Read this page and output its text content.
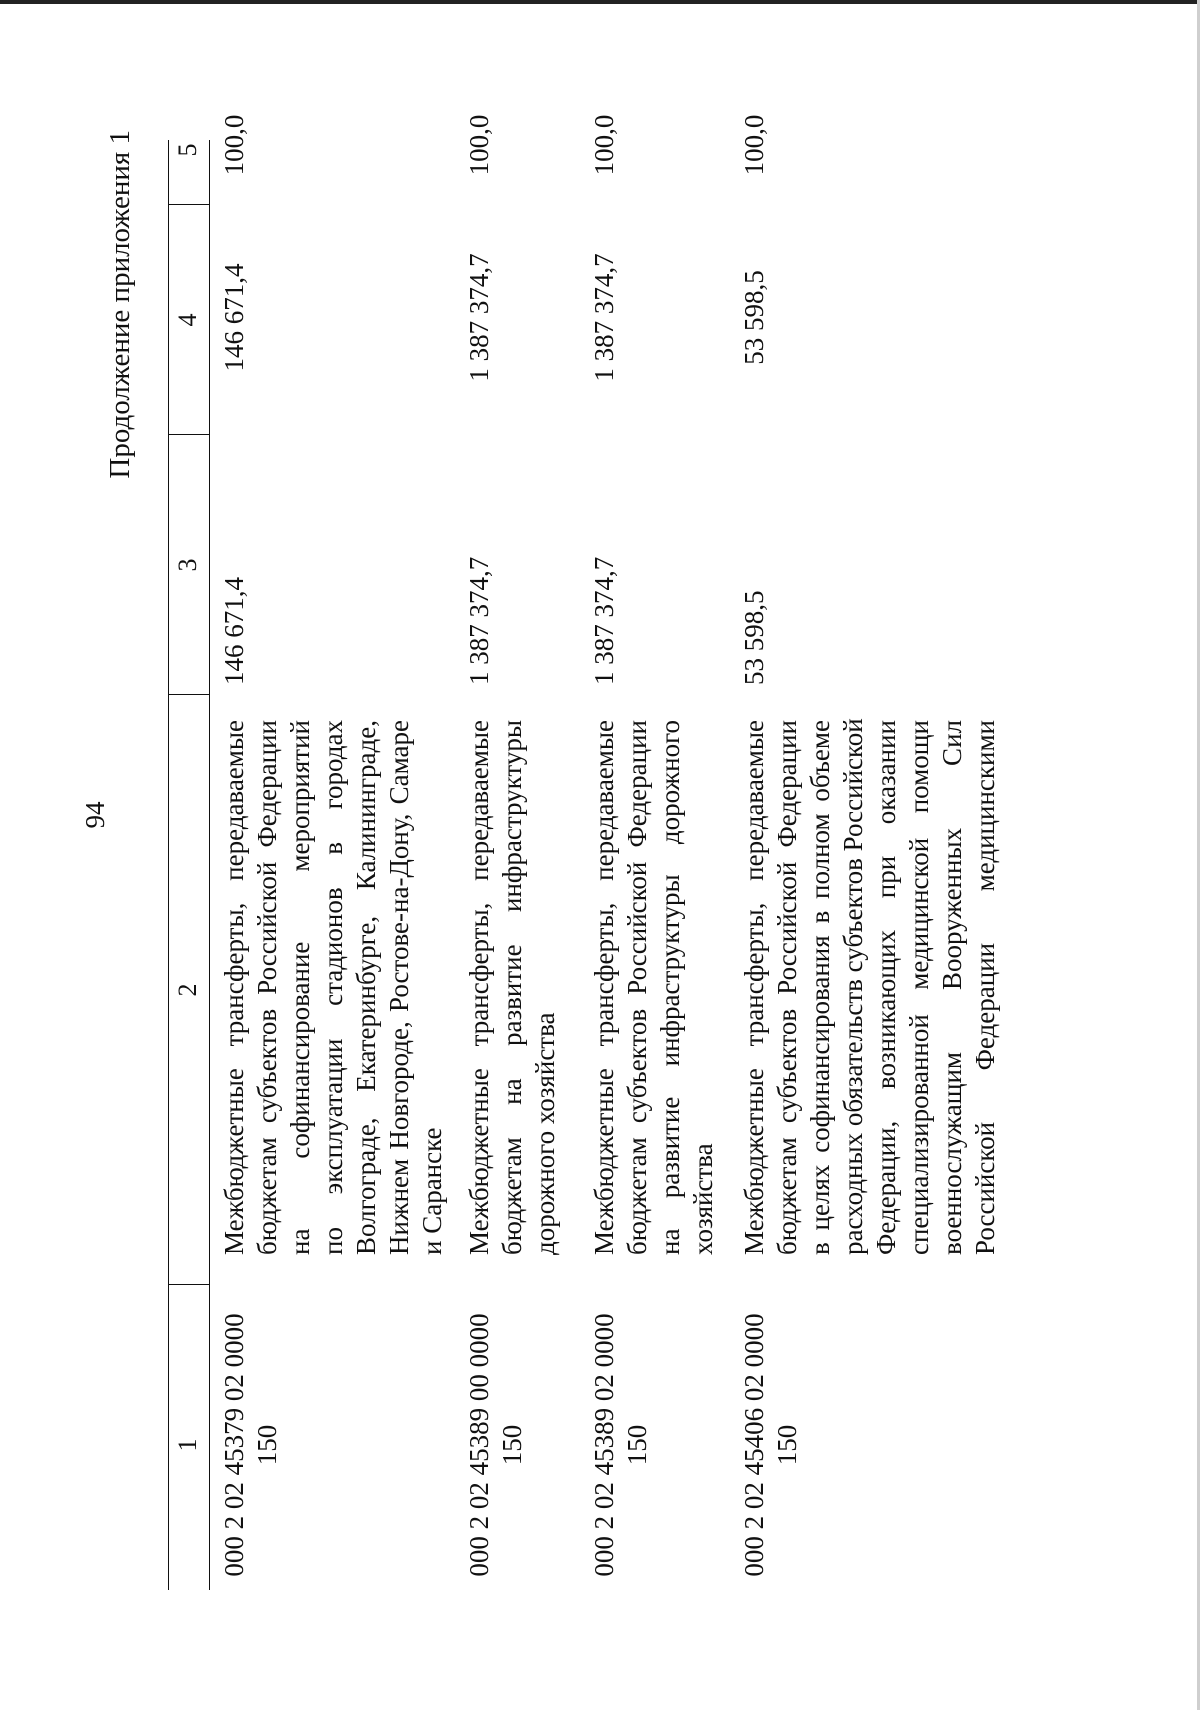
94
Продолжение приложения 1
1
2
3
4
5
000 2 02 45379 02 0000 150
Межбюджетные трансферты, передаваемые бюджетам субъектов Российской Федерации на софинансирование мероприятий по эксплуатации стадионов в городах Волгограде, Екатеринбурге, Калининграде, Нижнем Новгороде, Ростове-на-Дону, Самаре и Саранске
146 671,4
146 671,4
100,0
000 2 02 45389 00 0000 150
Межбюджетные трансферты, передаваемые бюджетам на развитие инфраструктуры дорожного хозяйства
1 387 374,7
1 387 374,7
100,0
000 2 02 45389 02 0000 150
Межбюджетные трансферты, передаваемые бюджетам субъектов Российской Федерации на развитие инфраструктуры дорожного хозяйства
1 387 374,7
1 387 374,7
100,0
000 2 02 45406 02 0000 150
Межбюджетные трансферты, передаваемые бюджетам субъектов Российской Федерации в целях софинансирования в полном объеме расходных обязательств субъектов Российской Федерации, возникающих при оказании специализированной медицинской помощи военнослужащим Вооруженных Сил Российской Федерации медицинскими
53 598,5
53 598,5
100,0
